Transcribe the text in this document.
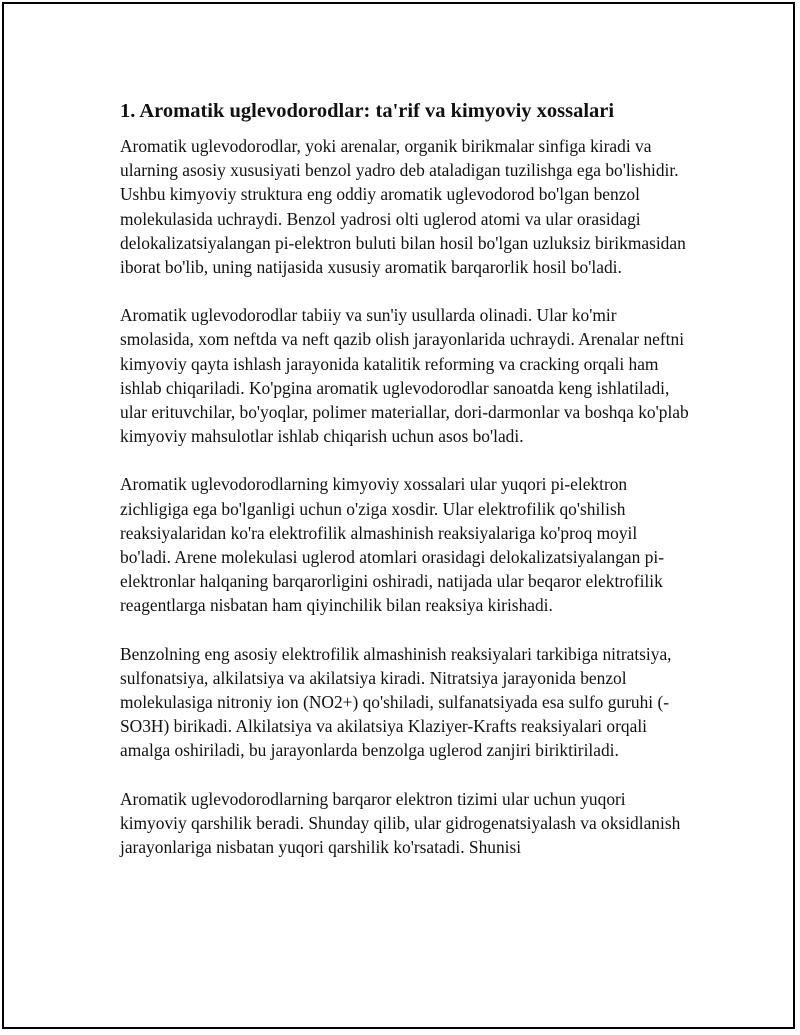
1. Aromatik uglevodorodlar: ta'rif va kimyoviy xossalari

Aromatik uglevodorodlar, yoki arenalar, organik birikmalar sinfiga kiradi va ularning asosiy xususiyati benzol yadro deb ataladigan tuzilishga ega bo'lishidir. Ushbu kimyoviy struktura eng oddiy aromatik uglevodorod bo'lgan benzol molekulasida uchraydi. Benzol yadrosi olti uglerod atomi va ular orasidagi delokalizatsiyalangan pi-elektron buluti bilan hosil bo'lgan uzluksiz birikmasidan iborat bo'lib, uning natijasida xususiy aromatik barqarorlik hosil bo'ladi.

Aromatik uglevodorodlar tabiiy va sun'iy usullarda olinadi. Ular ko'mir smolasida, xom neftda va neft qazib olish jarayonlarida uchraydi. Arenalar neftni kimyoviy qayta ishlash jarayonida katalitik reforming va cracking orqali ham ishlab chiqariladi. Ko'pgina aromatik uglevodorodlar sanoatda keng ishlatiladi, ular erituvchilar, bo'yoqlar, polimer materiallar, dori-darmonlar va boshqa ko'plab kimyoviy mahsulotlar ishlab chiqarish uchun asos bo'ladi.

Aromatik uglevodorodlarning kimyoviy xossalari ular yuqori pi-elektron zichligiga ega bo'lganligi uchun o'ziga xosdir. Ular elektrofilik qo'shilish reaksiyalaridan ko'ra elektrofilik almashinish reaksiyalariga ko'proq moyil bo'ladi. Arene molekulasi uglerod atomlari orasidagi delokalizatsiyalangan pi-elektronlar halqaning barqarorligini oshiradi, natijada ular beqaror elektrofilik reagentlarga nisbatan ham qiyinchilik bilan reaksiya kirishadi.

Benzolning eng asosiy elektrofilik almashinish reaksiyalari tarkibiga nitratsiya, sulfonatsiya, alkilatsiya va akilatsiya kiradi. Nitratsiya jarayonida benzol molekulasiga nitroniy ion (NO2+) qo'shiladi, sulfanatsiyada esa sulfo guruhi (-SO3H) birikadi. Alkilatsiya va akilatsiya Klaziyer-Krafts reaksiyalari orqali amalga oshiriladi, bu jarayonlarda benzolga uglerod zanjiri biriktiriladi.

Aromatik uglevodorodlarning barqaror elektron tizimi ular uchun yuqori kimyoviy qarshilik beradi. Shunday qilib, ular gidrogenatsiyalash va oksidlanish jarayonlariga nisbatan yuqori qarshilik ko'rsatadi. Shunisi
